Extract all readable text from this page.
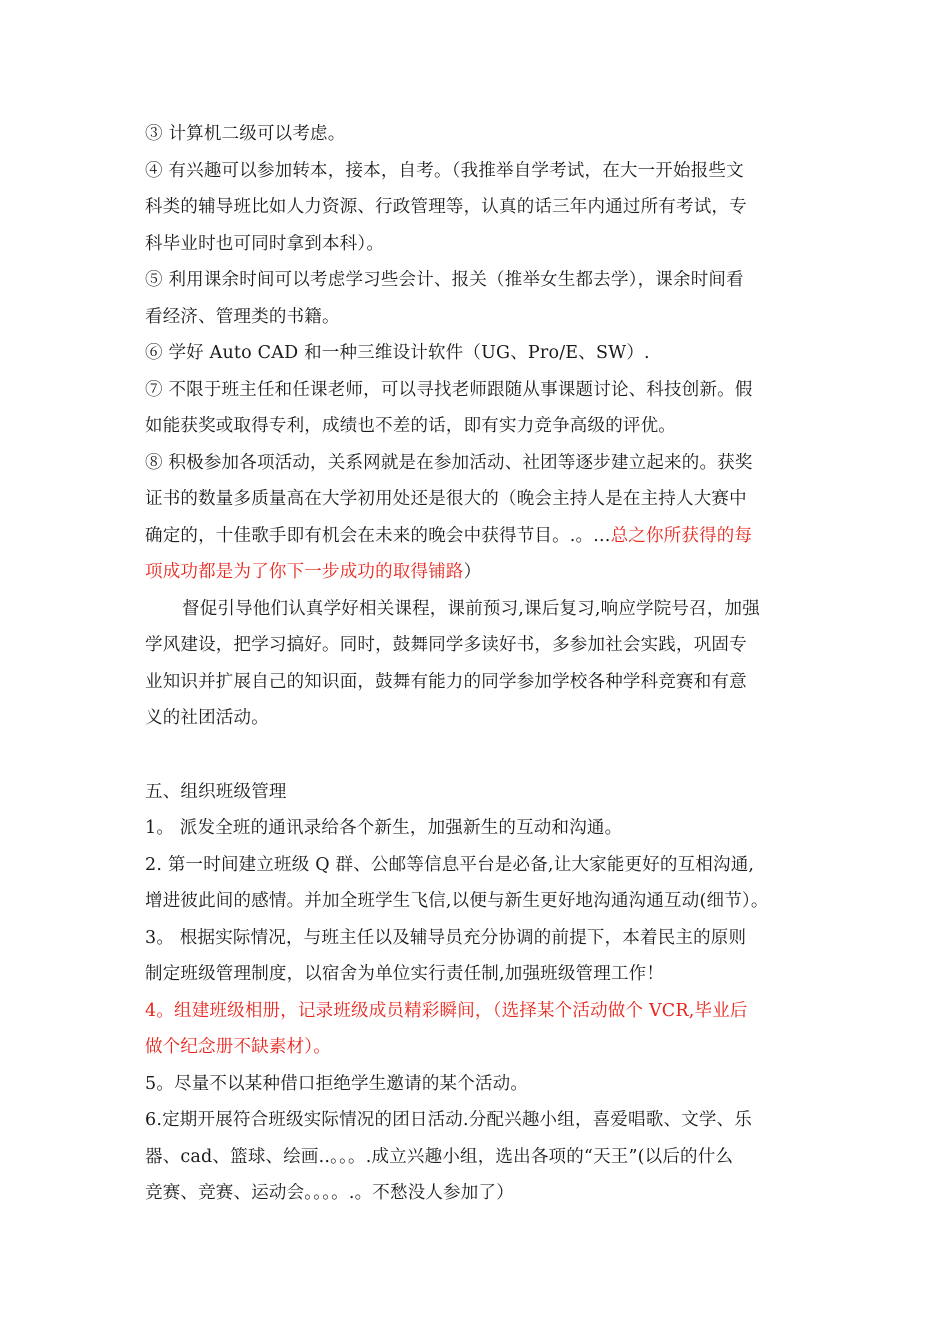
③ 计算机二级可以考虑。
④ 有兴趣可以参加转本，接本，自考。（我推举自学考试，在大一开始报些文
科类的辅导班比如人力资源、行政管理等，认真的话三年内通过所有考试，专
科毕业时也可同时拿到本科）。
⑤ 利用课余时间可以考虑学习些会计、报关（推举女生都去学），课余时间看
看经济、管理类的书籍。
⑥ 学好 Auto CAD 和一种三维设计软件（UG、Pro/E、SW）.
⑦ 不限于班主任和任课老师，可以寻找老师跟随从事课题讨论、科技创新。假
如能获奖或取得专利，成绩也不差的话，即有实力竞争高级的评优。
⑧ 积极参加各项活动，关系网就是在参加活动、社团等逐步建立起来的。获奖
证书的数量多质量高在大学初用处还是很大的（晚会主持人是在主持人大赛中
确定的，十佳歌手即有机会在未来的晚会中获得节目。.。...总之你所获得的每
项成功都是为了你下一步成功的取得铺路）
督促引导他们认真学好相关课程，课前预习,课后复习,响应学院号召，加强
学风建设，把学习搞好。同时，鼓舞同学多读好书，多参加社会实践，巩固专
业知识并扩展自己的知识面，鼓舞有能力的同学参加学校各种学科竞赛和有意
义的社团活动。
五、组织班级管理
1。 派发全班的通讯录给各个新生，加强新生的互动和沟通。
2. 第一时间建立班级 Q 群、公邮等信息平台是必备,让大家能更好的互相沟通,
增进彼此间的感情。并加全班学生飞信,以便与新生更好地沟通沟通互动(细节）。
3。 根据实际情况，与班主任以及辅导员充分协调的前提下，本着民主的原则
制定班级管理制度，以宿舍为单位实行责任制,加强班级管理工作！
4。组建班级相册，记录班级成员精彩瞬间，（选择某个活动做个 VCR,毕业后
做个纪念册不缺素材）。
5。尽量不以某种借口拒绝学生邀请的某个活动。
6.定期开展符合班级实际情况的团日活动.分配兴趣小组，喜爱唱歌、文学、乐
器、cad、篮球、绘画..。。。.成立兴趣小组，选出各项的“天王”(以后的什么
竞赛、竞赛、运动会。。。。.。不愁没人参加了）
